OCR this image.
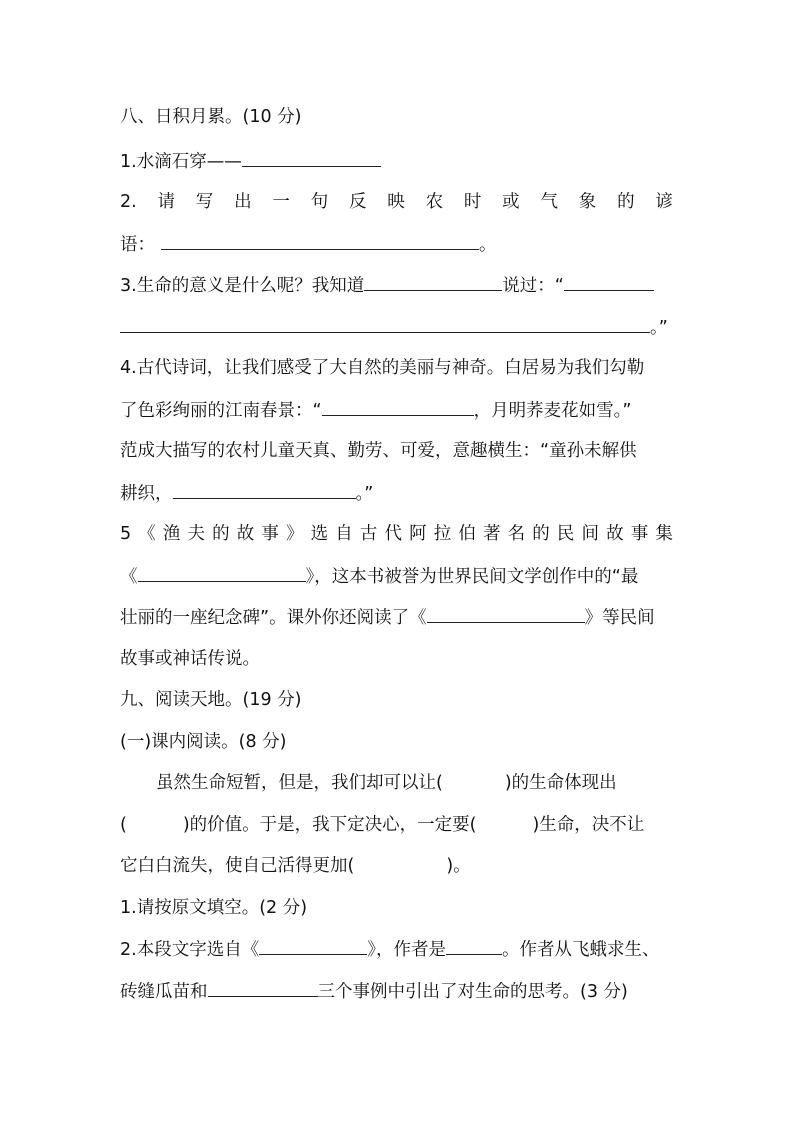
八、日积月累。(10 分)
1.水滴石穿——
2. 请 写 出 一 句 反 映 农 时 或 气 象 的 谚
语：	。
3.生命的意义是什么呢？我知道	说过：“
。”
4.古代诗词，让我们感受了大自然的美丽与神奇。白居易为我们勾勒
了色彩绚丽的江南春景：“	，月明荞麦花如雪。”
范成大描写的农村儿童天真、勤劳、可爱，意趣横生：“童孙未解供
耕织，	。”
5 《 渔 夫 的 故 事 》 选 自 古 代 阿 拉 伯 著 名 的 民 间 故 事 集
《	》，这本书被誉为世界民间文学创作中的“最
壮丽的一座纪念碑”。课外你还阅读了《	》等民间
故事或神话传说。
九、阅读天地。(19 分)
(一)课内阅读。(8 分)
虽然生命短暂，但是，我们却可以让(	)的生命体现出
(	)的价值。于是，我下定决心，一定要(	)生命，决不让
它白白流失，使自己活得更加(	)。
1.请按原文填空。(2 分)
2.本段文字选自《	》，作者是	。作者从飞蛾求生、
砖缝瓜苗和	三个事例中引出了对生命的思考。(3 分)
